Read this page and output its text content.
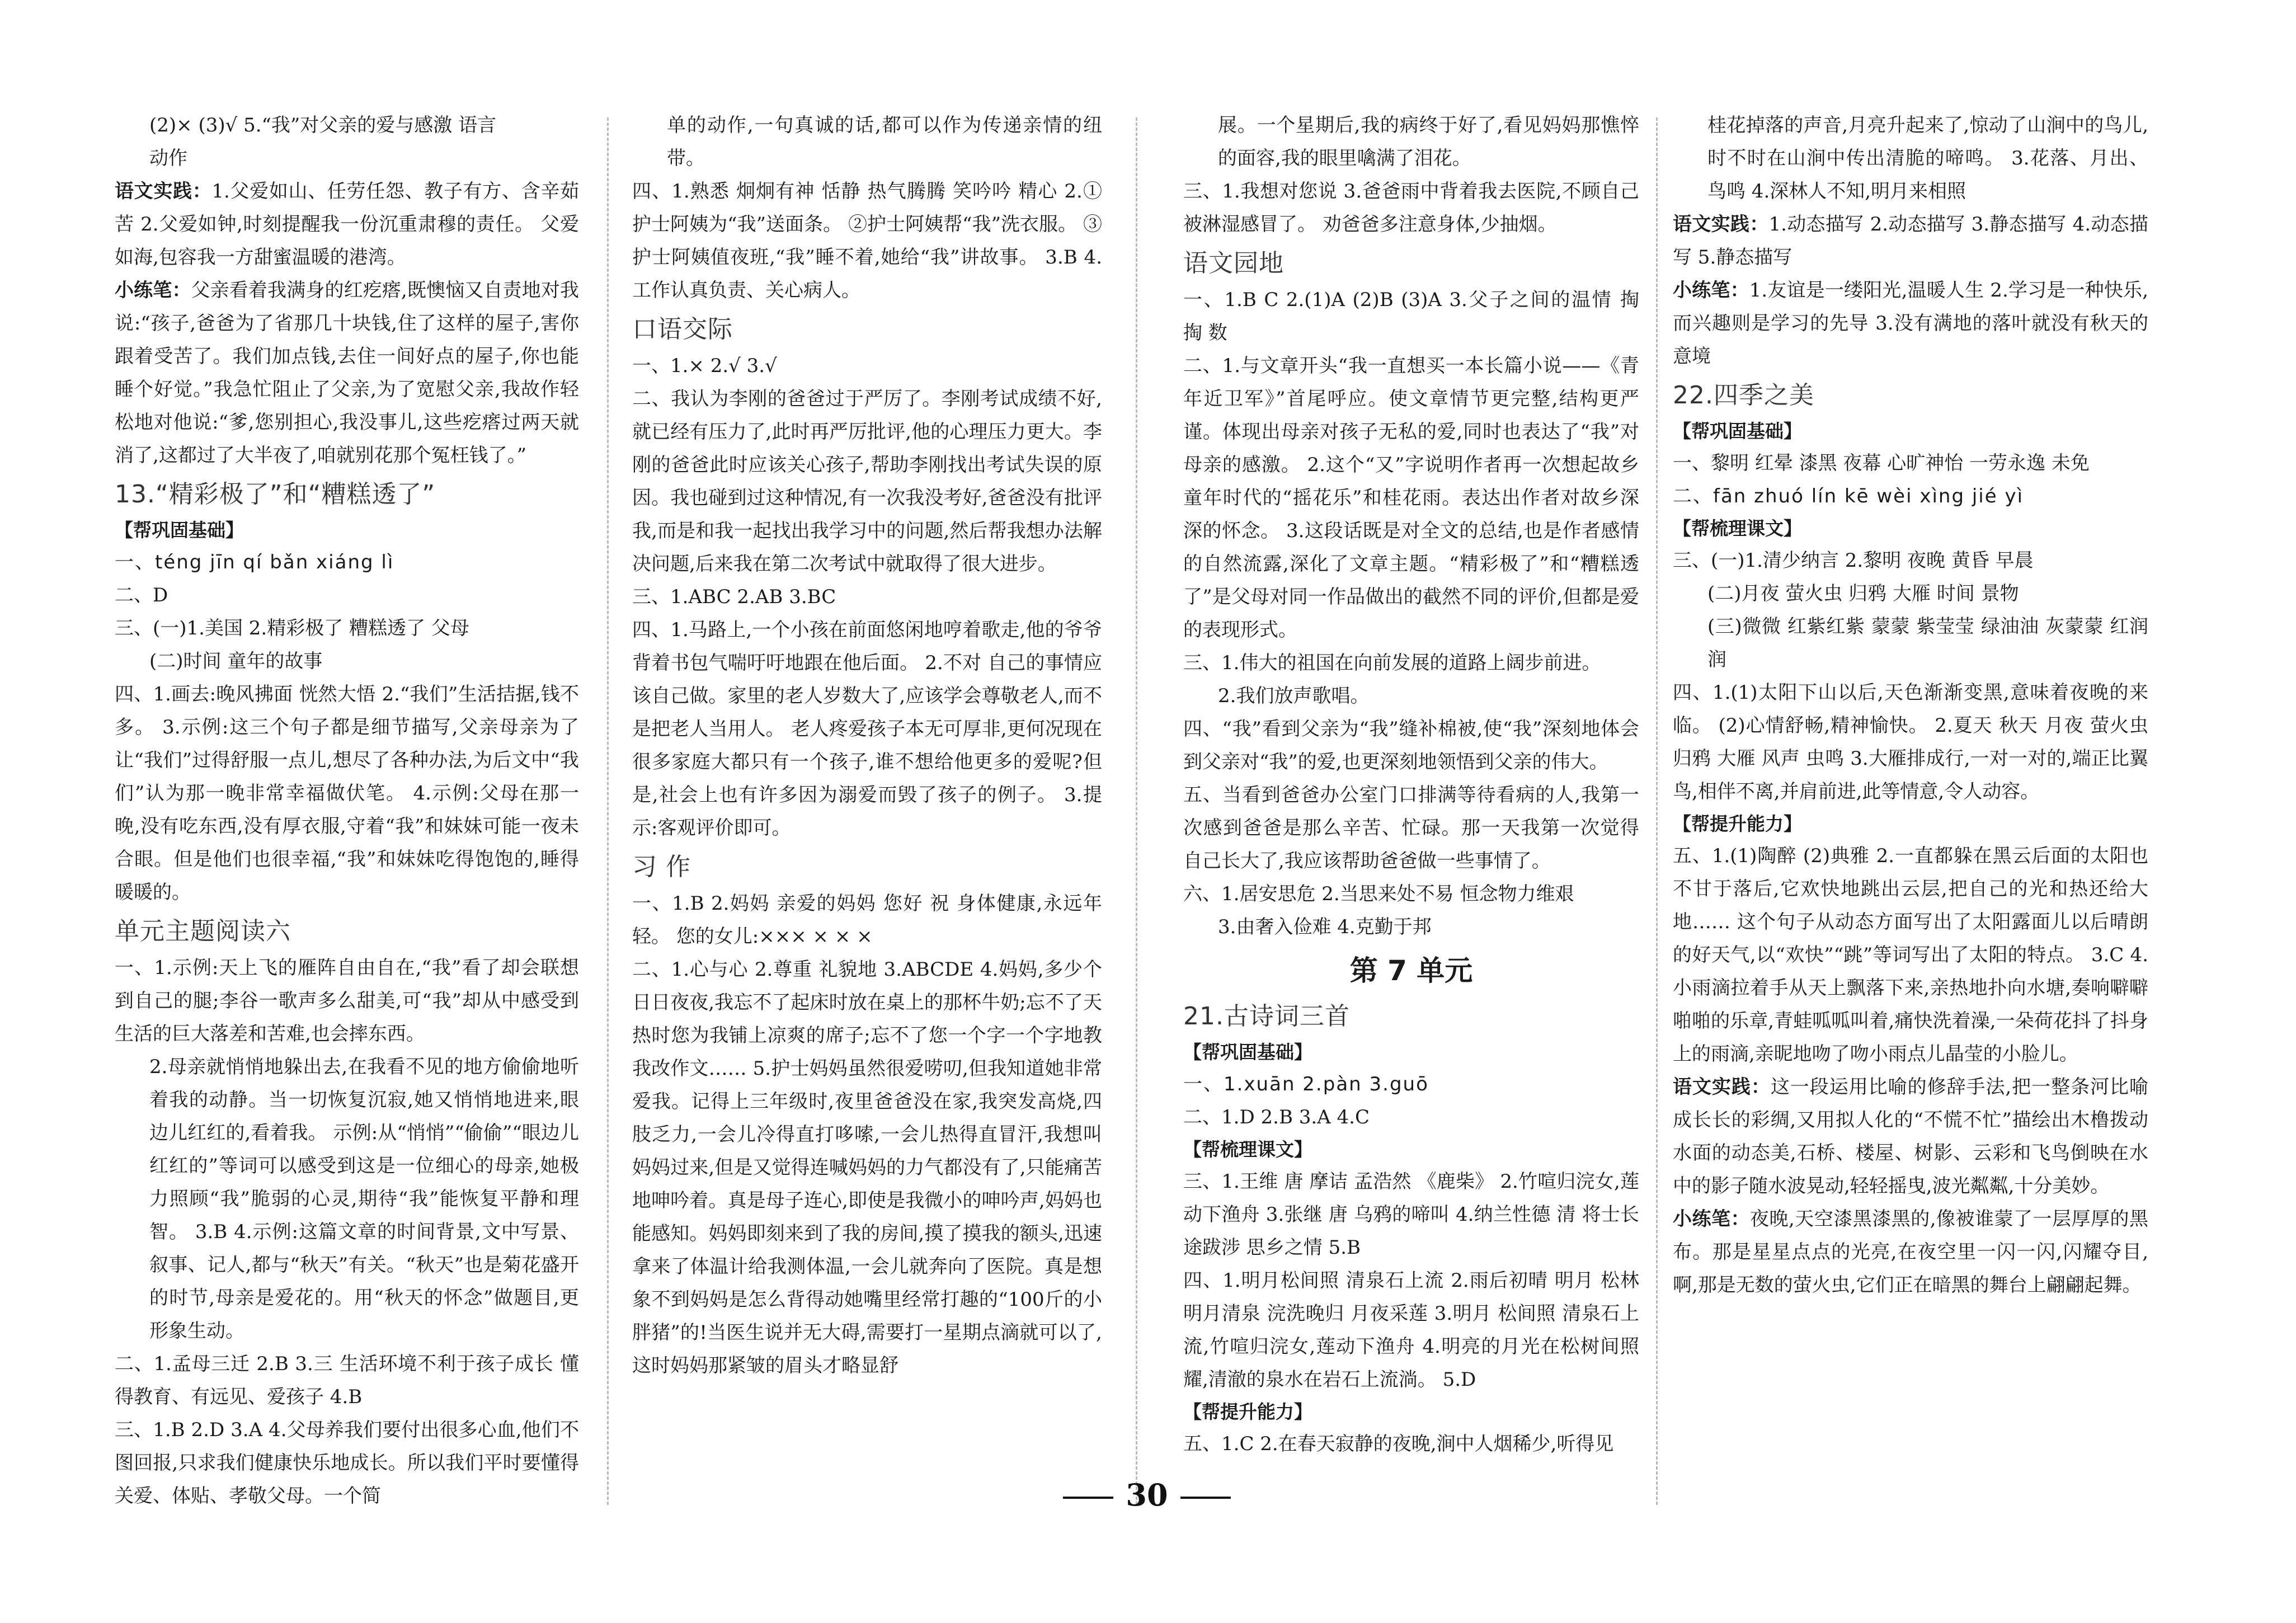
(2)× (3)√ 5.“我”对父亲的爱与感激 语言

动作

语文实践：1.父爱如山、任劳任怨、教子有方、含辛茹苦 2.父爱如钟,时刻提醒我一份沉重肃穆的责任。 父爱如海,包容我一方甜蜜温暖的港湾。

小练笔：父亲看着我满身的红疙瘩,既懊恼又自责地对我说:“孩子,爸爸为了省那几十块钱,住了这样的屋子,害你跟着受苦了。我们加点钱,去住一间好点的屋子,你也能睡个好觉。”我急忙阻止了父亲,为了宽慰父亲,我故作轻松地对他说:“爹,您别担心,我没事儿,这些疙瘩过两天就消了,这都过了大半夜了,咱就别花那个冤枉钱了。”

13.“精彩极了”和“糟糕透了”

【帮巩固基础】

一、téng jīn qí bǎn xiáng lì

二、D

三、(一)1.美国 2.精彩极了 糟糕透了 父母

(二)时间 童年的故事

四、1.画去:晚风拂面 恍然大悟 2.“我们”生活拮据,钱不多。 3.示例:这三个句子都是细节描写,父亲母亲为了让“我们”过得舒服一点儿,想尽了各种办法,为后文中“我们”认为那一晚非常幸福做伏笔。 4.示例:父母在那一晚,没有吃东西,没有厚衣服,守着“我”和妹妹可能一夜未合眼。但是他们也很幸福,“我”和妹妹吃得饱饱的,睡得暖暖的。

单元主题阅读六

一、1.示例:天上飞的雁阵自由自在,“我”看了却会联想到自己的腿;李谷一歌声多么甜美,可“我”却从中感受到生活的巨大落差和苦难,也会摔东西。

2.母亲就悄悄地躲出去,在我看不见的地方偷偷地听着我的动静。当一切恢复沉寂,她又悄悄地进来,眼边儿红红的,看着我。 示例:从“悄悄”“偷偷”“眼边儿红红的”等词可以感受到这是一位细心的母亲,她极力照顾“我”脆弱的心灵,期待“我”能恢复平静和理智。 3.B 4.示例:这篇文章的时间背景,文中写景、叙事、记人,都与“秋天”有关。“秋天”也是菊花盛开的时节,母亲是爱花的。用“秋天的怀念”做题目,更形象生动。

二、1.孟母三迁 2.B 3.三 生活环境不利于孩子成长 懂得教育、有远见、爱孩子 4.B

三、1.B 2.D 3.A 4.父母养我们要付出很多心血,他们不图回报,只求我们健康快乐地成长。所以我们平时要懂得关爱、体贴、孝敬父母。一个简

单的动作,一句真诚的话,都可以作为传递亲情的纽带。

四、1.熟悉 炯炯有神 恬静 热气腾腾 笑吟吟 精心 2.①护士阿姨为“我”送面条。 ②护士阿姨帮“我”洗衣服。 ③护士阿姨值夜班,“我”睡不着,她给“我”讲故事。 3.B 4.工作认真负责、关心病人。

口语交际

一、1.× 2.√ 3.√

二、我认为李刚的爸爸过于严厉了。李刚考试成绩不好,就已经有压力了,此时再严厉批评,他的心理压力更大。李刚的爸爸此时应该关心孩子,帮助李刚找出考试失误的原因。我也碰到过这种情况,有一次我没考好,爸爸没有批评我,而是和我一起找出我学习中的问题,然后帮我想办法解决问题,后来我在第二次考试中就取得了很大进步。

三、1.ABC 2.AB 3.BC

四、1.马路上,一个小孩在前面悠闲地哼着歌走,他的爷爷背着书包气喘吁吁地跟在他后面。 2.不对 自己的事情应该自己做。家里的老人岁数大了,应该学会尊敬老人,而不是把老人当用人。 老人疼爱孩子本无可厚非,更何况现在很多家庭大都只有一个孩子,谁不想给他更多的爱呢?但是,社会上也有许多因为溺爱而毁了孩子的例子。 3.提示:客观评价即可。

习 作

一、1.B 2.妈妈 亲爱的妈妈 您好 祝 身体健康,永远年轻。 您的女儿:××× × × ×

二、1.心与心 2.尊重 礼貌地 3.ABCDE 4.妈妈,多少个日日夜夜,我忘不了起床时放在桌上的那杯牛奶;忘不了天热时您为我铺上凉爽的席子;忘不了您一个字一个字地教我改作文…… 5.护士妈妈虽然很爱唠叨,但我知道她非常爱我。记得上三年级时,夜里爸爸没在家,我突发高烧,四肢乏力,一会儿冷得直打哆嗦,一会儿热得直冒汗,我想叫妈妈过来,但是又觉得连喊妈妈的力气都没有了,只能痛苦地呻吟着。真是母子连心,即使是我微小的呻吟声,妈妈也能感知。妈妈即刻来到了我的房间,摸了摸我的额头,迅速拿来了体温计给我测体温,一会儿就奔向了医院。真是想象不到妈妈是怎么背得动她嘴里经常打趣的“100斤的小胖猪”的!当医生说并无大碍,需要打一星期点滴就可以了,这时妈妈那紧皱的眉头才略显舒

展。一个星期后,我的病终于好了,看见妈妈那憔悴的面容,我的眼里噙满了泪花。

三、1.我想对您说 3.爸爸雨中背着我去医院,不顾自己被淋湿感冒了。 劝爸爸多注意身体,少抽烟。

语文园地

一、1.B C 2.(1)A (2)B (3)A 3.父子之间的温情 掏 掏 数

二、1.与文章开头“我一直想买一本长篇小说——《青年近卫军》”首尾呼应。使文章情节更完整,结构更严谨。体现出母亲对孩子无私的爱,同时也表达了“我”对母亲的感激。 2.这个“又”字说明作者再一次想起故乡童年时代的“摇花乐”和桂花雨。表达出作者对故乡深深的怀念。 3.这段话既是对全文的总结,也是作者感情的自然流露,深化了文章主题。“精彩极了”和“糟糕透了”是父母对同一作品做出的截然不同的评价,但都是爱的表现形式。

三、1.伟大的祖国在向前发展的道路上阔步前进。

2.我们放声歌唱。

四、“我”看到父亲为“我”缝补棉被,使“我”深刻地体会到父亲对“我”的爱,也更深刻地领悟到父亲的伟大。

五、当看到爸爸办公室门口排满等待看病的人,我第一次感到爸爸是那么辛苦、忙碌。那一天我第一次觉得自己长大了,我应该帮助爸爸做一些事情了。

六、1.居安思危 2.当思来处不易 恒念物力维艰

3.由奢入俭难 4.克勤于邦

第 7 单元
21.古诗词三首

【帮巩固基础】

一、1.xuān 2.pàn 3.guō

二、1.D 2.B 3.A 4.C

【帮梳理课文】

三、1.王维 唐 摩诘 孟浩然 《鹿柴》 2.竹喧归浣女,莲动下渔舟 3.张继 唐 乌鸦的啼叫 4.纳兰性德 清 将士长途跋涉 思乡之情 5.B

四、1.明月松间照 清泉石上流 2.雨后初晴 明月 松林 明月清泉 浣洗晚归 月夜采莲 3.明月 松间照 清泉石上流,竹喧归浣女,莲动下渔舟 4.明亮的月光在松树间照耀,清澈的泉水在岩石上流淌。 5.D

【帮提升能力】

五、1.C 2.在春天寂静的夜晚,涧中人烟稀少,听得见

桂花掉落的声音,月亮升起来了,惊动了山涧中的鸟儿,时不时在山涧中传出清脆的啼鸣。 3.花落、月出、鸟鸣 4.深林人不知,明月来相照

语文实践：1.动态描写 2.动态描写 3.静态描写 4.动态描写 5.静态描写

小练笔：1.友谊是一缕阳光,温暖人生 2.学习是一种快乐,而兴趣则是学习的先导 3.没有满地的落叶就没有秋天的意境

22.四季之美

【帮巩固基础】

一、黎明 红晕 漆黑 夜幕 心旷神怡 一劳永逸 未免

二、fān zhuó lín kē wèi xìng jié yì

【帮梳理课文】

三、(一)1.清少纳言 2.黎明 夜晚 黄昏 早晨

(二)月夜 萤火虫 归鸦 大雁 时间 景物

(三)微微 红紫红紫 蒙蒙 紫莹莹 绿油油 灰蒙蒙 红润润

四、1.(1)太阳下山以后,天色渐渐变黑,意味着夜晚的来临。 (2)心情舒畅,精神愉快。 2.夏天 秋天 月夜 萤火虫 归鸦 大雁 风声 虫鸣 3.大雁排成行,一对一对的,端正比翼鸟,相伴不离,并肩前进,此等情意,令人动容。

【帮提升能力】

五、1.(1)陶醉 (2)典雅 2.一直都躲在黑云后面的太阳也不甘于落后,它欢快地跳出云层,把自己的光和热还给大地…… 这个句子从动态方面写出了太阳露面儿以后晴朗的好天气,以“欢快”“跳”等词写出了太阳的特点。 3.C 4.小雨滴拉着手从天上飘落下来,亲热地扑向水塘,奏响噼噼啪啪的乐章,青蛙呱呱叫着,痛快洗着澡,一朵荷花抖了抖身上的雨滴,亲昵地吻了吻小雨点儿晶莹的小脸儿。

语文实践：这一段运用比喻的修辞手法,把一整条河比喻成长长的彩绸,又用拟人化的“不慌不忙”描绘出木橹拨动水面的动态美,石桥、楼屋、树影、云彩和飞鸟倒映在水中的影子随水波晃动,轻轻摇曳,波光粼粼,十分美妙。

小练笔：夜晚,天空漆黑漆黑的,像被谁蒙了一层厚厚的黑布。那是星星点点的光亮,在夜空里一闪一闪,闪耀夺目,啊,那是无数的萤火虫,它们正在暗黑的舞台上翩翩起舞。

30
